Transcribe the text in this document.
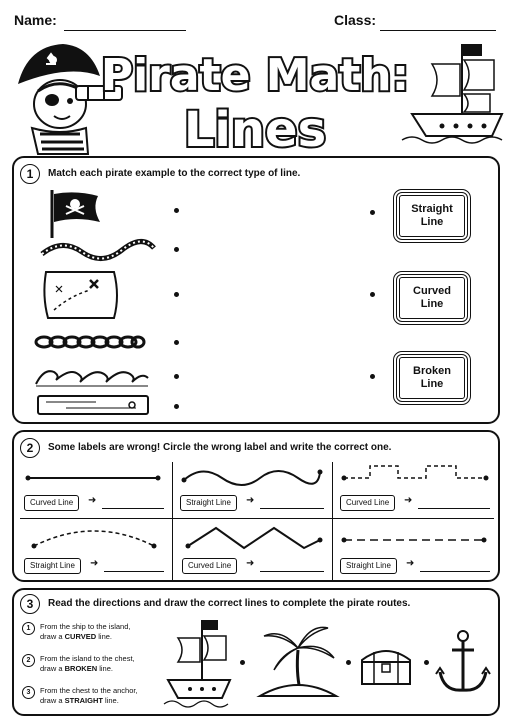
Name:	Class:
Pirate Math:
Lines
1	Match each pirate example to the correct type of line.
Straight
Line
Curved
Line
Broken
Line
2	Some labels are wrong! Circle the wrong label and write the correct one.
Curved Line	➜	Straight Line	➜	Curved Line	➜
Straight Line	➜	Curved Line	➜	Straight Line	➜
3	Read the directions and draw the correct lines to complete the pirate routes.
1	From the ship to the island,
draw a CURVED line.
2	From the island to the chest,
draw a BROKEN line.
3	From the chest to the anchor,
draw a STRAIGHT line.
